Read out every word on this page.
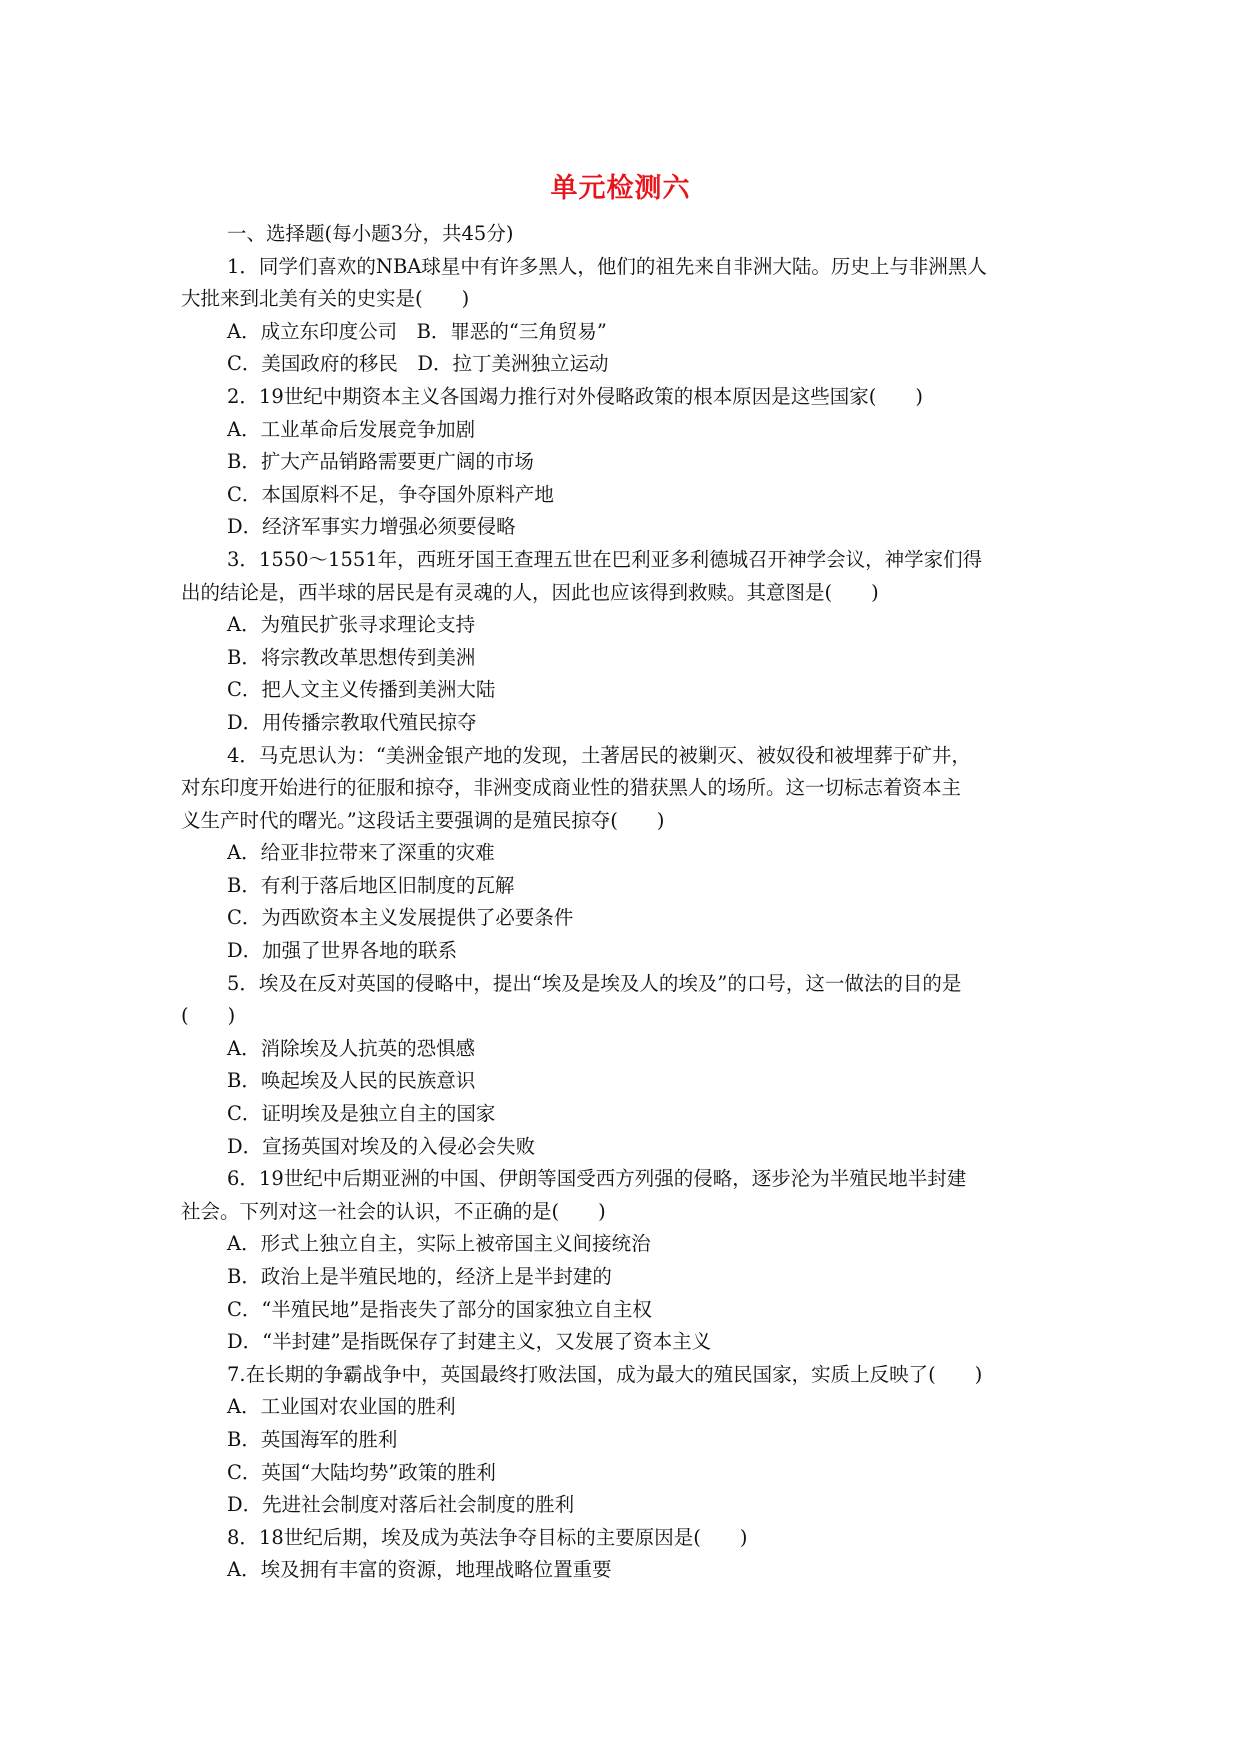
单元检测六
一、选择题(每小题3分，共45分)
1．同学们喜欢的NBA球星中有许多黑人，他们的祖先来自非洲大陆。历史上与非洲黑人
大批来到北美有关的史实是(　　)
A．成立东印度公司　B．罪恶的“三角贸易”
C．美国政府的移民　D．拉丁美洲独立运动
2．19世纪中期资本主义各国竭力推行对外侵略政策的根本原因是这些国家(　　)
A．工业革命后发展竞争加剧
B．扩大产品销路需要更广阔的市场
C．本国原料不足，争夺国外原料产地
D．经济军事实力增强必须要侵略
3．1550～1551年，西班牙国王查理五世在巴利亚多利德城召开神学会议，神学家们得
出的结论是，西半球的居民是有灵魂的人，因此也应该得到救赎。其意图是(　　)
A．为殖民扩张寻求理论支持
B．将宗教改革思想传到美洲
C．把人文主义传播到美洲大陆
D．用传播宗教取代殖民掠夺
4．马克思认为：“美洲金银产地的发现，土著居民的被剿灭、被奴役和被埋葬于矿井，
对东印度开始进行的征服和掠夺，非洲变成商业性的猎获黑人的场所。这一切标志着资本主
义生产时代的曙光。”这段话主要强调的是殖民掠夺(　　)
A．给亚非拉带来了深重的灾难
B．有利于落后地区旧制度的瓦解
C．为西欧资本主义发展提供了必要条件
D．加强了世界各地的联系
5．埃及在反对英国的侵略中，提出“埃及是埃及人的埃及”的口号，这一做法的目的是
(　　)
A．消除埃及人抗英的恐惧感
B．唤起埃及人民的民族意识
C．证明埃及是独立自主的国家
D．宣扬英国对埃及的入侵必会失败
6．19世纪中后期亚洲的中国、伊朗等国受西方列强的侵略，逐步沦为半殖民地半封建
社会。下列对这一社会的认识，不正确的是(　　)
A．形式上独立自主，实际上被帝国主义间接统治
B．政治上是半殖民地的，经济上是半封建的
C．“半殖民地”是指丧失了部分的国家独立自主权
D．“半封建”是指既保存了封建主义，又发展了资本主义
7.在长期的争霸战争中，英国最终打败法国，成为最大的殖民国家，实质上反映了(　　)
A．工业国对农业国的胜利
B．英国海军的胜利
C．英国“大陆均势”政策的胜利
D．先进社会制度对落后社会制度的胜利
8．18世纪后期，埃及成为英法争夺目标的主要原因是(　　)
A．埃及拥有丰富的资源，地理战略位置重要
